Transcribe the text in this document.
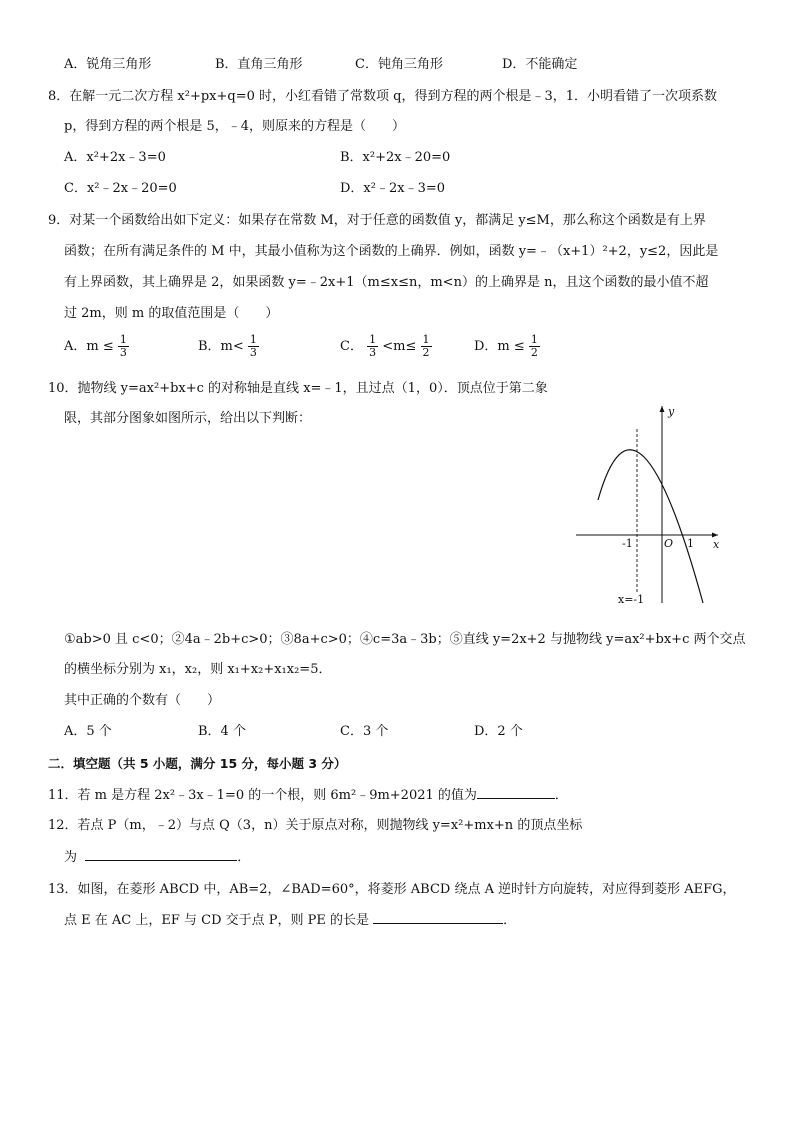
A．锐角三角形	B．直角三角形	C．钝角三角形	D．不能确定
8．在解一元二次方程 x²+px+q=0 时，小红看错了常数项 q，得到方程的两个根是﹣3，1．小明看错了一次项系数
p，得到方程的两个根是 5，﹣4，则原来的方程是（　　）
A．x²+2x﹣3=0	B．x²+2x﹣20=0
C．x²﹣2x﹣20=0	D．x²﹣2x﹣3=0
9．对某一个函数给出如下定义：如果存在常数 M，对于任意的函数值 y，都满足 y≤M，那么称这个函数是有上界
函数；在所有满足条件的 M 中，其最小值称为这个函数的上确界．例如，函数 y=﹣（x+1）²+2，y≤2，因此是
有上界函数，其上确界是 2，如果函数 y=﹣2x+1（m≤x≤n，m<n）的上确界是 n，且这个函数的最小值不超
过 2m，则 m 的取值范围是（　　）
A．$m \le \frac{1}{3}$	B．$m< \frac{1}{3}$	C． $\frac{1}{3} <m\le \frac{1}{2}$	D．$m \le \frac{1}{2}$
10．抛物线 y=ax²+bx+c 的对称轴是直线 x=﹣1，且过点（1，0）．顶点位于第二象
限，其部分图象如图所示，给出以下判断：	y
x
O
-1	1
x=-1
①ab>0 且 c<0；②4a﹣2b+c>0；③8a+c>0；④c=3a﹣3b；⑤直线 y=2x+2 与抛物线 y=ax²+bx+c 两个交点
的横坐标分别为 x₁，x₂，则 x₁+x₂+x₁x₂=5．
其中正确的个数有（　　）
A．5 个	B．4 个	C．3 个	D．2 个
二．填空题（共 5 小题，满分 15 分，每小题 3 分）
11．若 m 是方程 2x²﹣3x﹣1=0 的一个根，则 6m²﹣9m+2021 的值为	．
12．若点 P（m，﹣2）与点 Q（3，n）关于原点对称，则抛物线 y=x²+mx+n 的顶点坐标
为	．
13．如图，在菱形 ABCD 中，AB=2，∠BAD=60°，将菱形 ABCD 绕点 A 逆时针方向旋转，对应得到菱形 AEFG，
点 E 在 AC 上，EF 与 CD 交于点 P，则 PE 的长是	．
